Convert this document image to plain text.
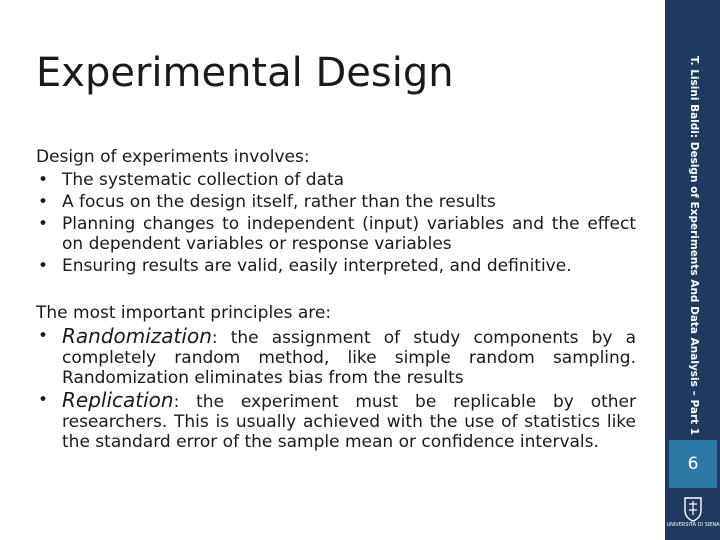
Experimental Design

Design of experiments involves:

• The systematic collection of data
• A focus on the design itself, rather than the results
• Planning changes to independent (input) variables and the effect on dependent variables or response variables
• Ensuring results are valid, easily interpreted, and definitive.

The most important principles are:

• Randomization: the assignment of study components by a completely random method, like simple random sampling. Randomization eliminates bias from the results
• Replication: the experiment must be replicable by other researchers. This is usually achieved with the use of statistics like the standard error of the sample mean or confidence intervals.
T. Lisini Baldi: Design of Experiments And Data Analysis – Part 1
6
UNIVERSITÀ DI SIENA
